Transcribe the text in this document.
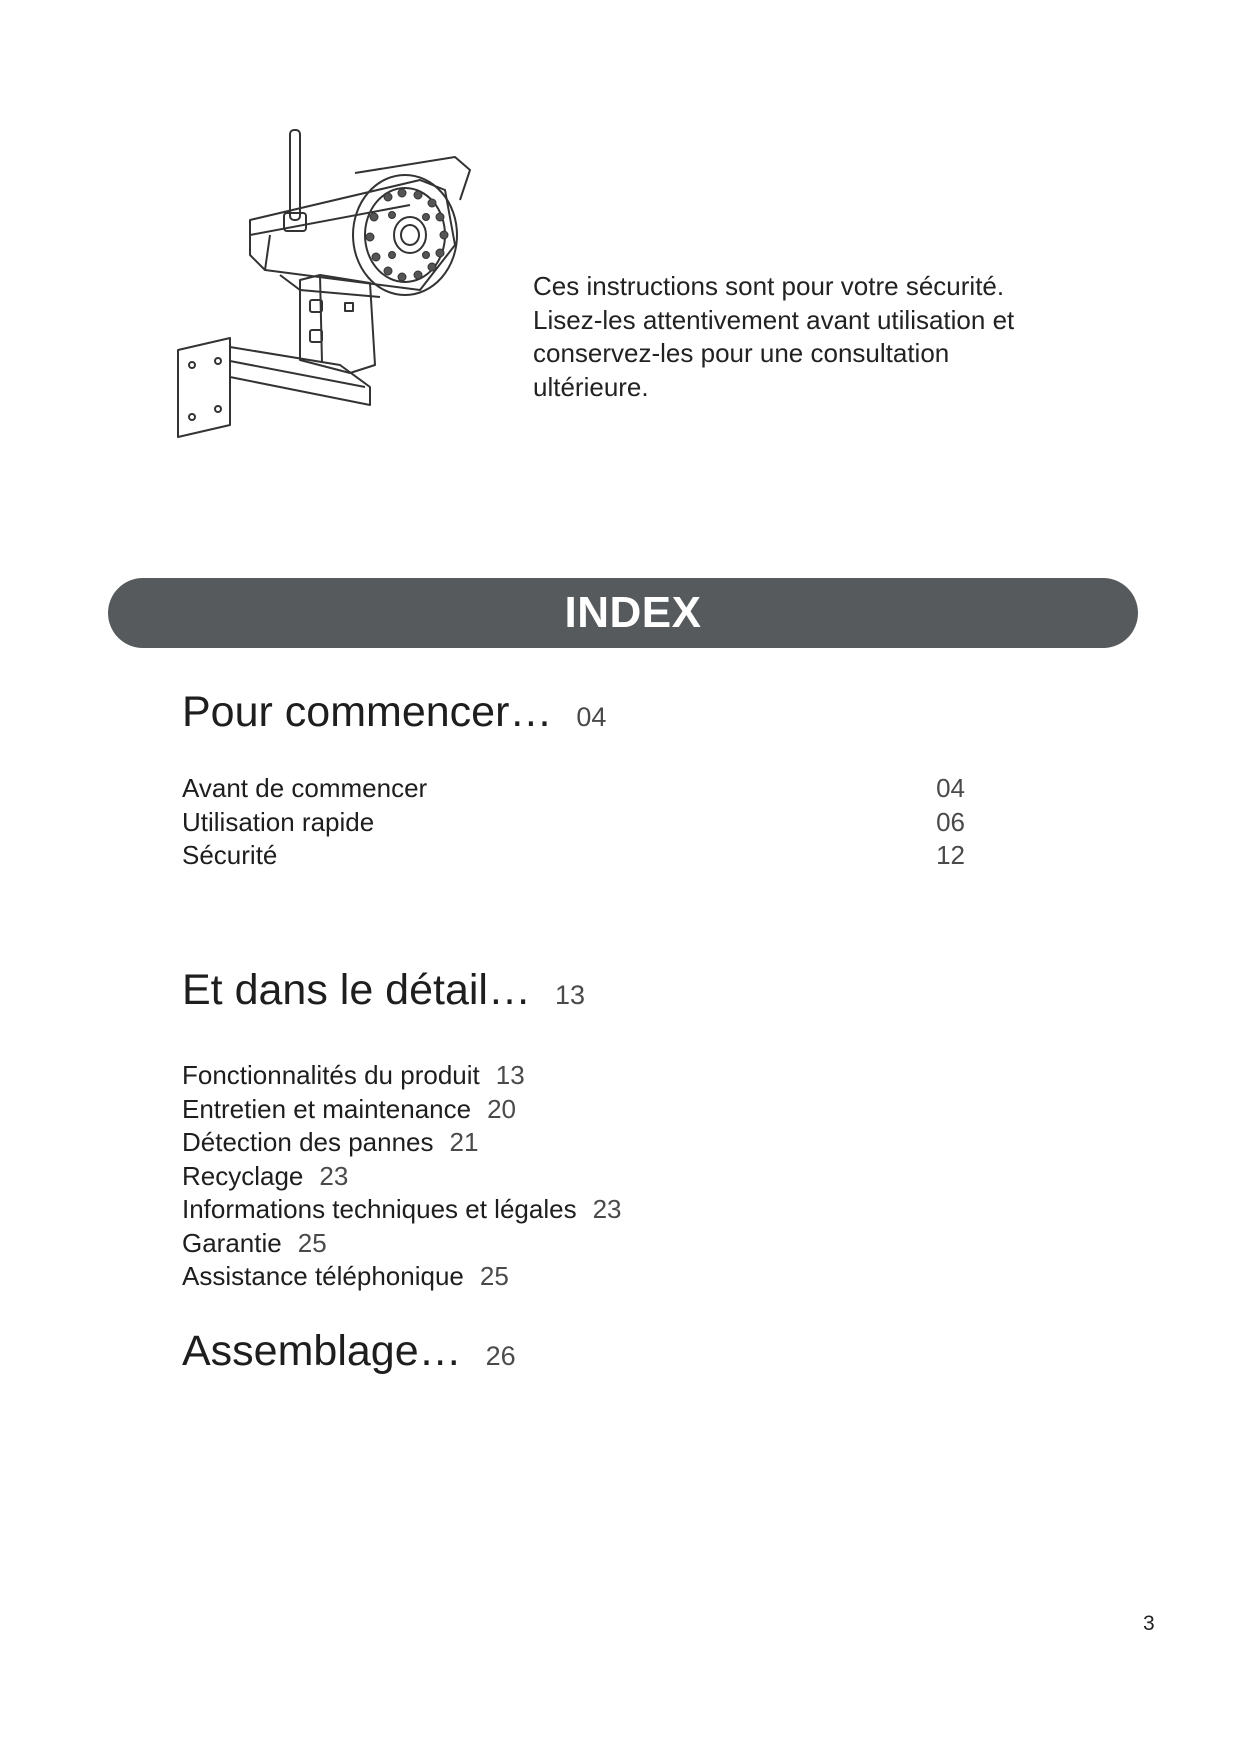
Ces instructions sont pour votre sécurité.
Lisez-les attentivement avant utilisation et
conservez-les pour une consultation
ultérieure.
INDEX
Pour commencer… 04
Avant de commencer	04
Utilisation rapide	06
Sécurité	12
Et dans le détail… 13
Fonctionnalités du produit 13
Entretien et maintenance 20
Détection des pannes 21
Recyclage 23
Informations techniques et légales 23
Garantie 25
Assistance téléphonique 25
Assemblage… 26
3
